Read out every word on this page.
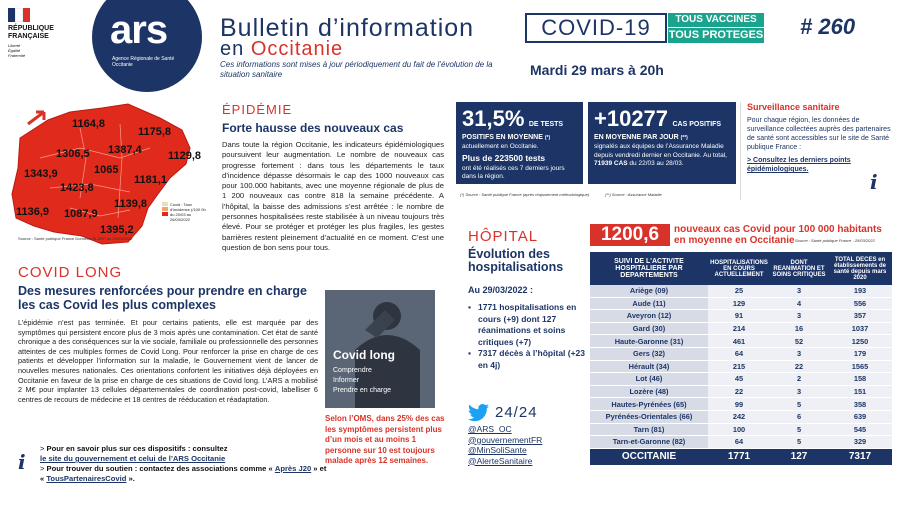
RÉPUBLIQUE
FRANÇAISE
Liberté
Égalité
Fraternité
ars
Agence Régionale de Santé Occitanie
Bulletin d’information
en Occitanie
COVID-19	TOUS VACCINES
TOUS PROTEGES # 260
Ces informations sont mises à jour périodiquement du fait de l’évolution de la situation sanitaire	Mardi 29 mars à 20h
1164,8
1175,8
1306,5 1387,4 1129,8
1065
1343,9	1181,1
1423,8
1139,8
1136,9 1087,9
1395,2
Covid : Taux d'incidence (/100 0h du 20/03 au 26/03/2022
Source : Santé publique France Données SI-DEP au 29/03/2022
ÉPIDÉMIE
Forte hausse des nouveaux cas
Dans toute la région Occitanie, les indicateurs épidémiologiques poursuivent leur augmentation. Le nombre de nouveaux cas progresse fortement : dans tous les départements le taux d’incidence dépasse désormais le cap des 1000 nouveaux cas pour 100.000 habitants, avec une moyenne régionale de plus de 1 200 nouveaux cas contre 818 la semaine précédente. A l’hôpital, la baisse des admissions s’est arrêtée : le nombre de personnes hospitalisées reste stabilisée à un niveau toujours très élevé. Pour se protéger et protéger les plus fragiles, les gestes barrières restent pleinement d’actualité en ce moment. C’est une question de bon sens pour tous.
COVID LONG
Des mesures renforcées pour prendre en charge les cas Covid les plus complexes
L’épidémie n’est pas terminée. Et pour certains patients, elle est marquée par des symptômes qui persistent encore plus de 3 mois après une contamination. Cet état de santé chronique a des conséquences sur la vie sociale, familiale ou professionnelle des personnes atteintes de ces multiples formes de Covid Long. Pour renforcer la prise en charge de ces patients et développer l’information sur la maladie, le Gouvernement vient de lancer de nouvelles mesures nationales. Ces orientations confortent les initiatives déjà déployées en Occitanie en faveur de la prise en charge de ces situations de Covid long. L’ARS a mobilisé 2 M€ pour implanter 13 cellules départementales de coordination post-covid, labelliser 6 centres de recours de médecine et 18 centres de rééducation et réadaptation.
i
> Pour en savoir plus sur ces dispositifs : consultez
le site du gouvernement et celui de l’ARS Occitanie
> Pour trouver du soutien : contactez des associations comme « Après J20 » et « TousPartenairesCovid ».
Covid long
Comprendre
Informer
Prendre en charge
Selon l’OMS, dans 25% des cas les symptômes persistent plus d’un mois et au moins 1 personne sur 10 est toujours malade après 12 semaines.
31,5% DE TESTS
POSITIFS EN MOYENNE (*)
actuellement en Occitanie.
Plus de 223500 tests
ont été réalisés ces 7 derniers jours dans la région.
+10277 CAS POSITIFS
EN MOYENNE PAR JOUR (**)
signalés aux équipes de l’Assurance Maladie depuis vendredi dernier en Occitanie. Au total, 71939 CAS du 22/03 au 28/03.
(*) Source : Santé publique France (après réajustement méthodologique)	(**) Source : Assurance Maladie
Surveillance sanitaire
Pour chaque région, les données de surveillance collectées auprès des partenaires de santé sont accessibles sur le site de Santé publique France :
> Consultez les derniers points épidémiologiques.
i
HÔPITAL
Évolution des hospitalisations
Au 29/03/2022 :
▪ 1771 hospitalisations en cours (+9) dont 127 réanimations et soins critiques (+7)
▪ 7317 décès à l’hôpital (+23 en 4j)
24/24
@ARS_OC
@gouvernementFR
@MinSoliSante
@AlerteSanitaire
1200,6	nouveaux cas Covid pour 100 000 habitants en moyenne en Occitanie Source : Santé publique France - 25/03/2022
SUIVI DE L'ACTIVITE HOSPITALIERE PAR DEPARTEMENTS	HOSPITALISATIONS EN COURS ACTUELLEMENT	DONT REANIMATION ET SOINS CRITIQUES	TOTAL DECES en établissements de santé depuis mars 2020
Ariège (09)	25	3	193
Aude (11)	129	4	556
Aveyron (12)	91	3	357
Gard (30)	214	16	1037
Haute-Garonne (31)	461	52	1250
Gers (32)	64	3	179
Hérault (34)	215	22	1565
Lot (46)	45	2	158
Lozère (48)	22	3	151
Hautes-Pyrénées (65)	99	5	358
Pyrénées-Orientales (66)	242	6	639
Tarn (81)	100	5	545
Tarn-et-Garonne (82)	64	5	329
OCCITANIE	1771	127	7317
